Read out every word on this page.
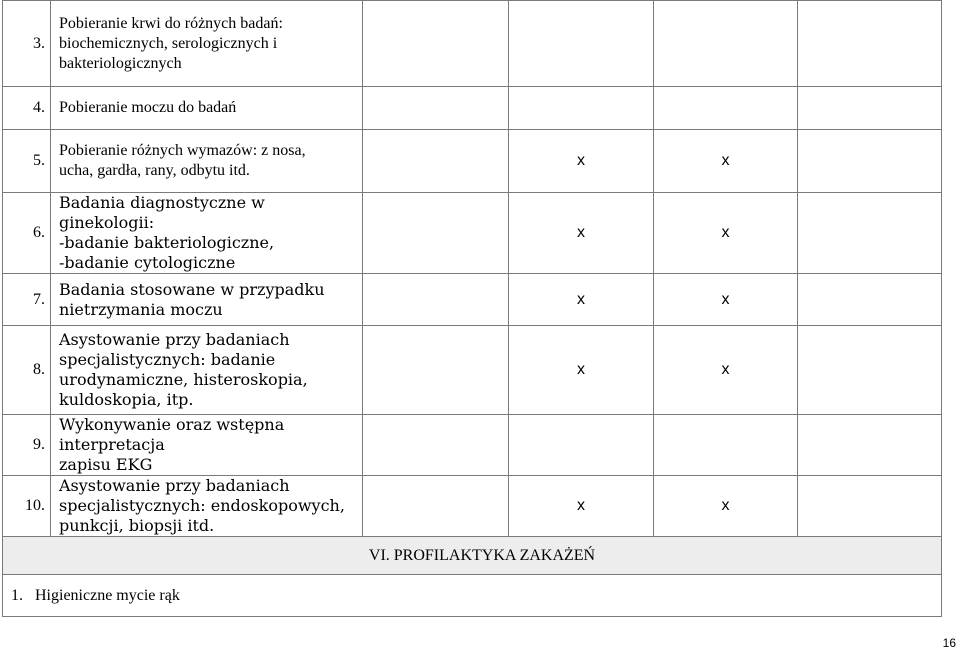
3.	Pobieranie krwi do różnych badań:
biochemicznych, serologicznych i
bakteriologicznych				

4.	Pobieranie moczu do badań				

5.	Pobieranie różnych wymazów: z nosa,
ucha, gardła, rany, odbytu itd.		x	x	
6.	Badania diagnostyczne w ginekologii:
-badanie bakteriologiczne,
-badanie cytologiczne		x	x	
7.	Badania stosowane w przypadku
nietrzymania moczu		x	x	
8.	Asystowanie przy badaniach
specjalistycznych: badanie
urodynamiczne, histeroskopia,
kuldoskopia, itp.		x	x	
9.	Wykonywanie oraz wstępna interpretacja
zapisu EKG				

10.	Asystowanie przy badaniach
specjalistycznych: endoskopowych,
punkcji, biopsji itd.		x	x	
VI. PROFILAKTYKA ZAKAŻEŃ					
1. Higieniczne mycie rąk					
16
